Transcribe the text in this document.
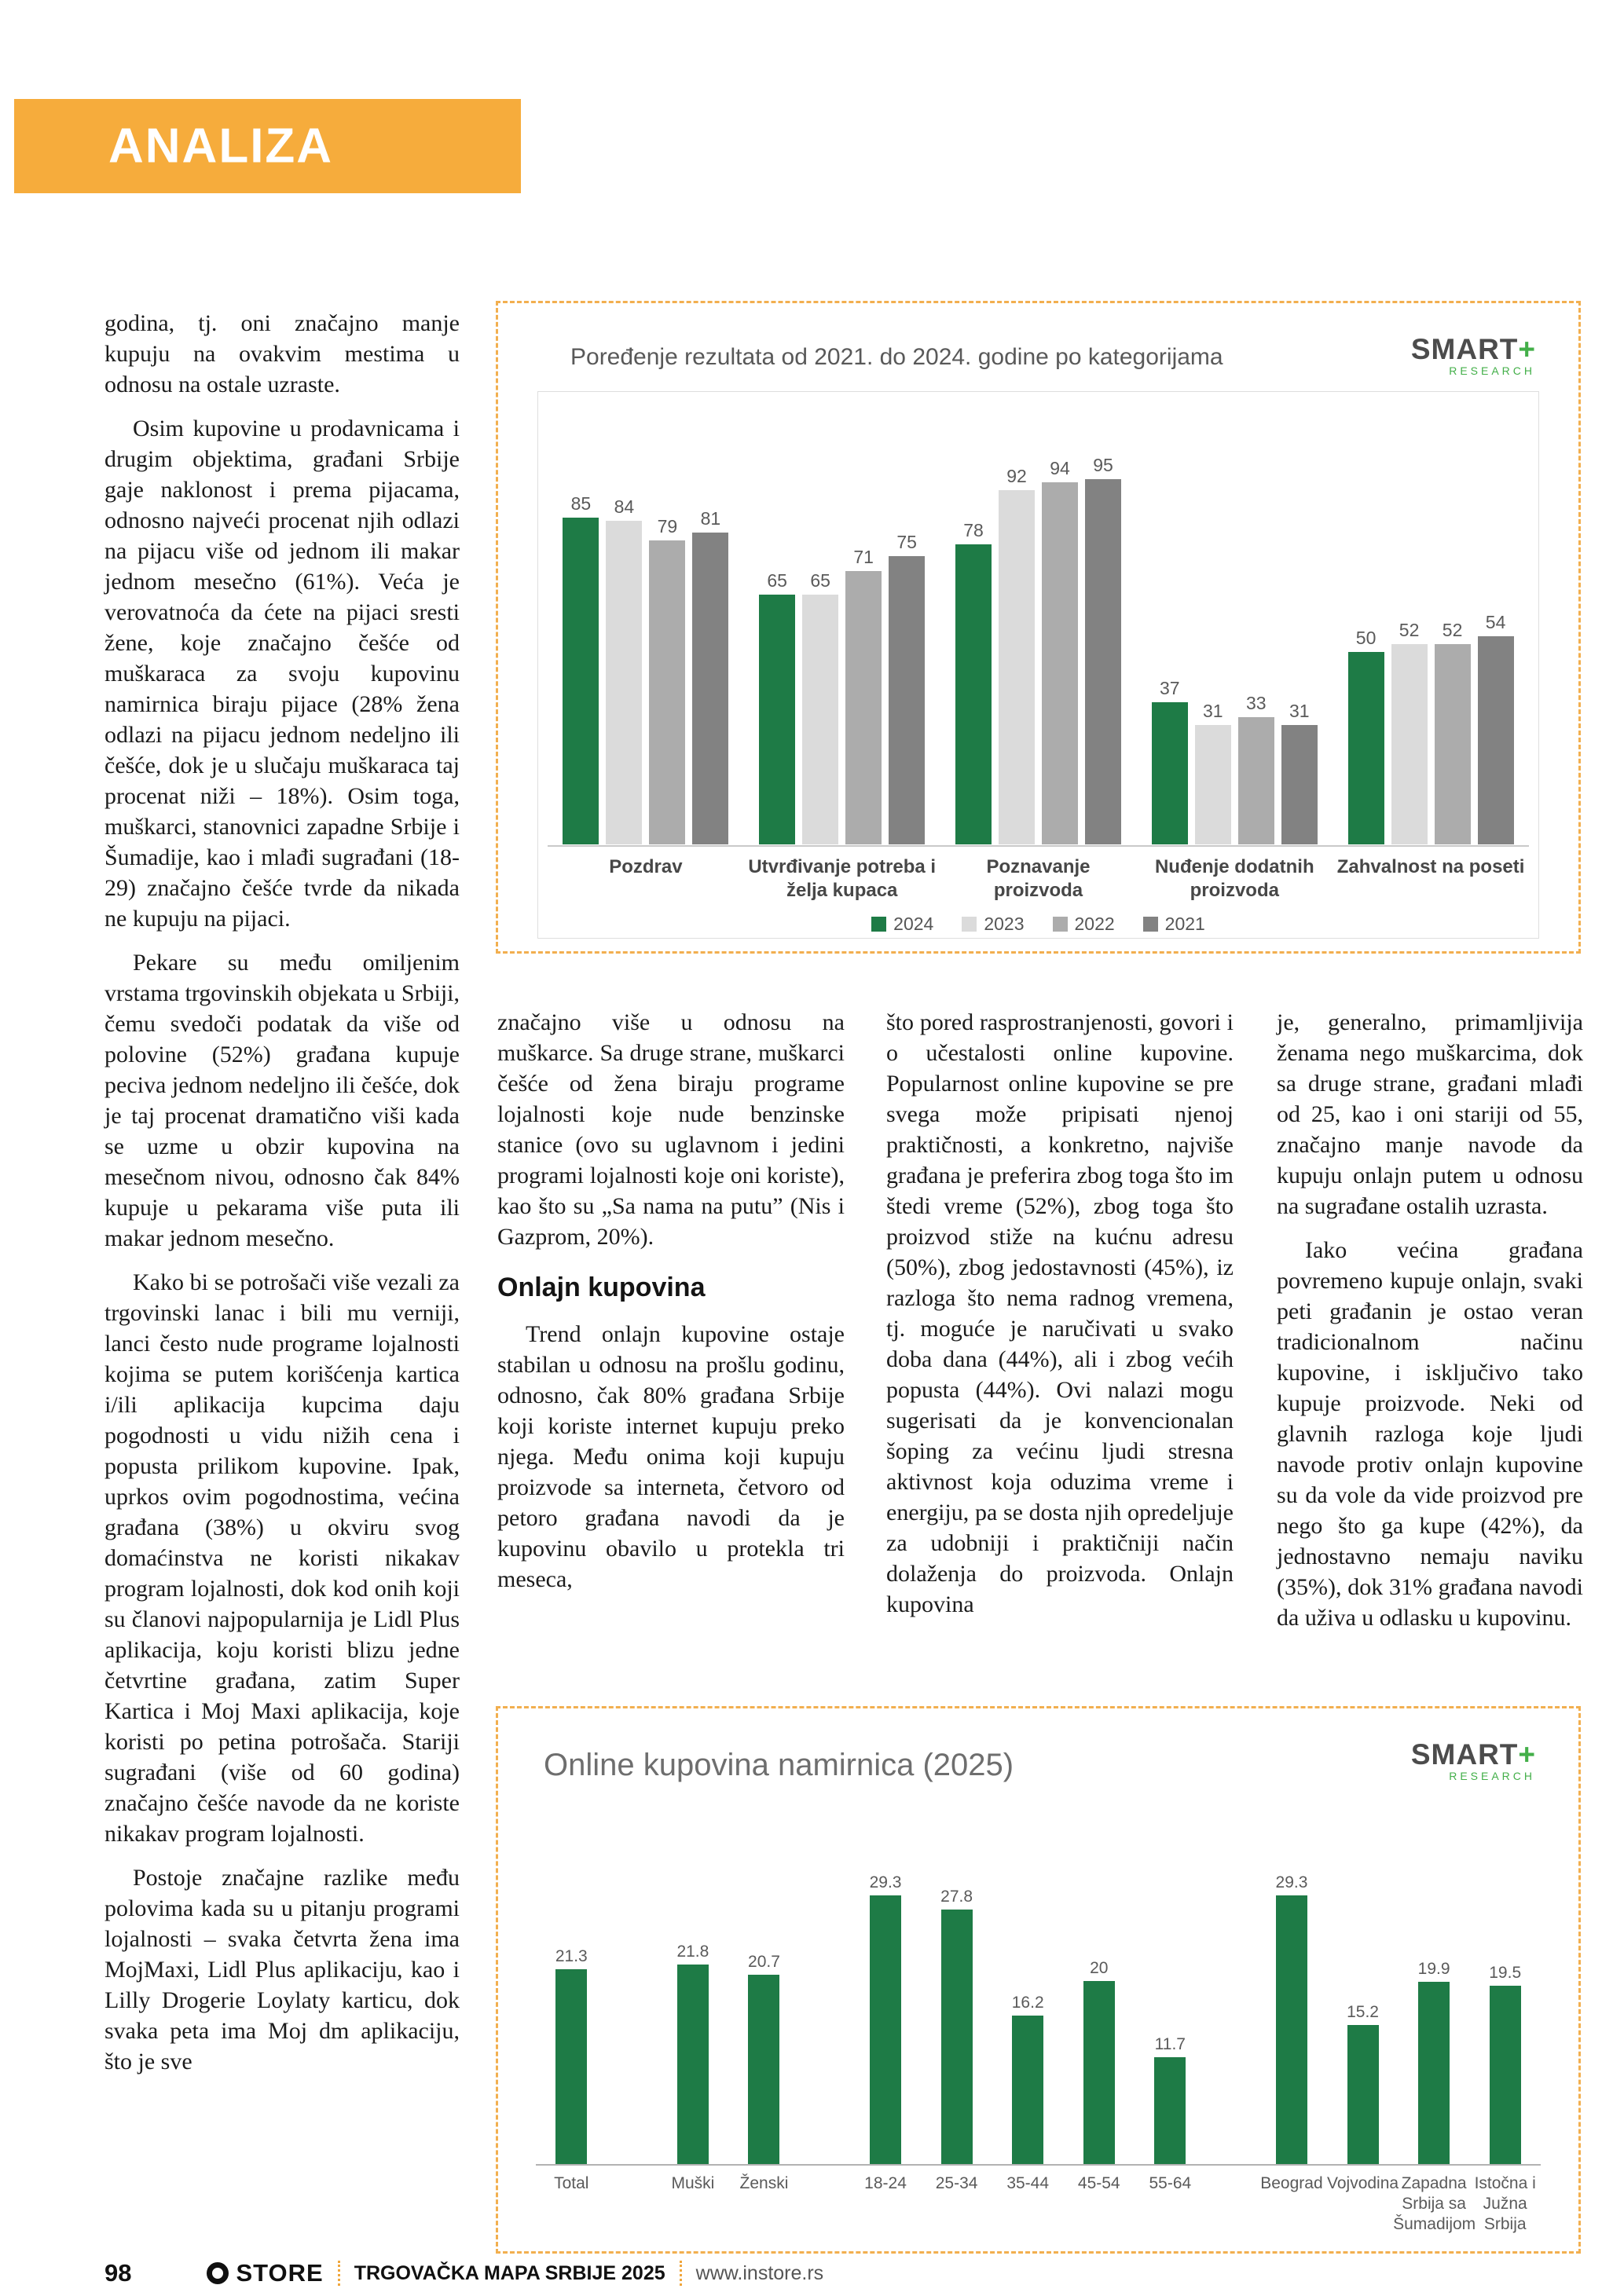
ANALIZA

godina, tj. oni značajno manje kupuju na ovakvim mestima u odnosu na ostale uzraste.

Osim kupovine u prodavnicama i drugim objektima, građani Srbije gaje naklonost i prema pijacama, odnosno najveći procenat njih odlazi na pijacu više od jednom ili makar jednom mesečno (61%). Veća je verovatnoća da ćete na pijaci sresti žene, koje značajno češće od muškaraca za svoju kupovinu namirnica biraju pijace (28% žena odlazi na pijacu jednom nedeljno ili češće, dok je u slučaju muškaraca taj procenat niži – 18%). Osim toga, muškarci, stanovnici zapadne Srbije i Šumadije, kao i mlađi sugrađani (18-29) značajno češće tvrde da nikada ne kupuju na pijaci.

Pekare su među omiljenim vrstama trgovinskih objekata u Srbiji, čemu svedoči podatak da više od polovine (52%) građana kupuje peciva jednom nedeljno ili češće, dok je taj procenat dramatično viši kada se uzme u obzir kupovina na mesečnom nivou, odnosno čak 84% kupuje u pekarama više puta ili makar jednom mesečno.

Kako bi se potrošači više vezali za trgovinski lanac i bili mu verniji, lanci često nude programe lojalnosti kojima se putem korišćenja kartica i/ili aplikacija kupcima daju pogodnosti u vidu nižih cena i popusta prilikom kupovine. Ipak, uprkos ovim pogodnostima, većina građana (38%) u okviru svog domaćinstva ne koristi nikakav program lojalnosti, dok kod onih koji su članovi najpopularnija je Lidl Plus aplikacija, koju koristi blizu jedne četvrtine građana, zatim Super Kartica i Moj Maxi aplikacija, koje koristi po petina potrošača. Stariji sugrađani (više od 60 godina) značajno češće navode da ne koriste nikakav program lojalnosti.

Postoje značajne razlike među polovima kada su u pitanju programi lojalnosti – svaka četvrta žena ima MojMaxi, Lidl Plus aplikaciju, kao i Lilly Drogerie Loylaty karticu, dok svaka peta ima Moj dm aplikaciju, što je sve

Poređenje rezultata od 2021. do 2024. godine po kategorijama	SMART+
RESEARCH
85 84
79 81
Pozdrav
65 65
71
75
Utvrđivanje potreba i želja kupaca
78
92 94 95
Poznavanje proizvoda
37
31 33 31
Nuđenje dodatnih proizvoda
50 52 52 54
Zahvalnost na poseti
2024	2023	2022	2021

značajno više u odnosu na muškarce. Sa druge strane, muškarci češće od žena biraju programe lojalnosti koje nude benzinske stanice (ovo su uglavnom i jedini programi lojalnosti koje oni koriste), kao što su „Sa nama na putu” (Nis i Gazprom, 20%).

Onlajn kupovina

Trend onlajn kupovine ostaje stabilan u odnosu na prošlu godinu, odnosno, čak 80% građana Srbije koji koriste internet kupuju preko njega. Među onima koji kupuju proizvode sa interneta, četvoro od petoro građana navodi da je kupovinu obavilo u protekla tri meseca,

što pored rasprostranjenosti, govori i o učestalosti online kupovine. Popularnost online kupovine se pre svega može pripisati njenoj praktičnosti, a konkretno, najviše građana je preferira zbog toga što im štedi vreme (52%), zbog toga što proizvod stiže na kućnu adresu (50%), zbog jedostavnosti (45%), iz razloga što nema radnog vremena, tj. moguće je naručivati u svako doba dana (44%), ali i zbog većih popusta (44%). Ovi nalazi mogu sugerisati da je konvencionalan šoping za većinu ljudi stresna aktivnost koja oduzima vreme i energiju, pa se dosta njih opredeljuje za udobniji i praktičniji način dolaženja do proizvoda. Onlajn kupovina

je, generalno, primamljivija ženama nego muškarcima, dok sa druge strane, građani mlađi od 25, kao i oni stariji od 55, značajno manje navode da kupuju onlajn putem u odnosu na sugrađane ostalih uzrasta.

Iako većina građana povremeno kupuje onlajn, svaki peti građanin je ostao veran tradicionalnom načinu kupovine, i isključivo tako kupuje proizvode. Neki od glavnih razloga koje ljudi navode protiv onlajn kupovine su da vole da vide proizvod pre nego što ga kupe (42%), da jednostavno nemaju naviku (35%), dok 31% građana navodi da uživa u odlasku u kupovinu.

Online kupovina namirnica (2025)	SMART+
RESEARCH
21.3
Total
21.8
Muški
20.7
Ženski
29.3
18-24
27.8
25-34
16.2
35-44
20
45-54
11.7
55-64
29.3
Beograd
15.2
Vojvodina
19.9
Zapadna Srbija sa Šumadijom
19.5
Istočna i Južna Srbija
98	STORE TRGOVAČKA MAPA SRBIJE 2025 www.instore.rs
